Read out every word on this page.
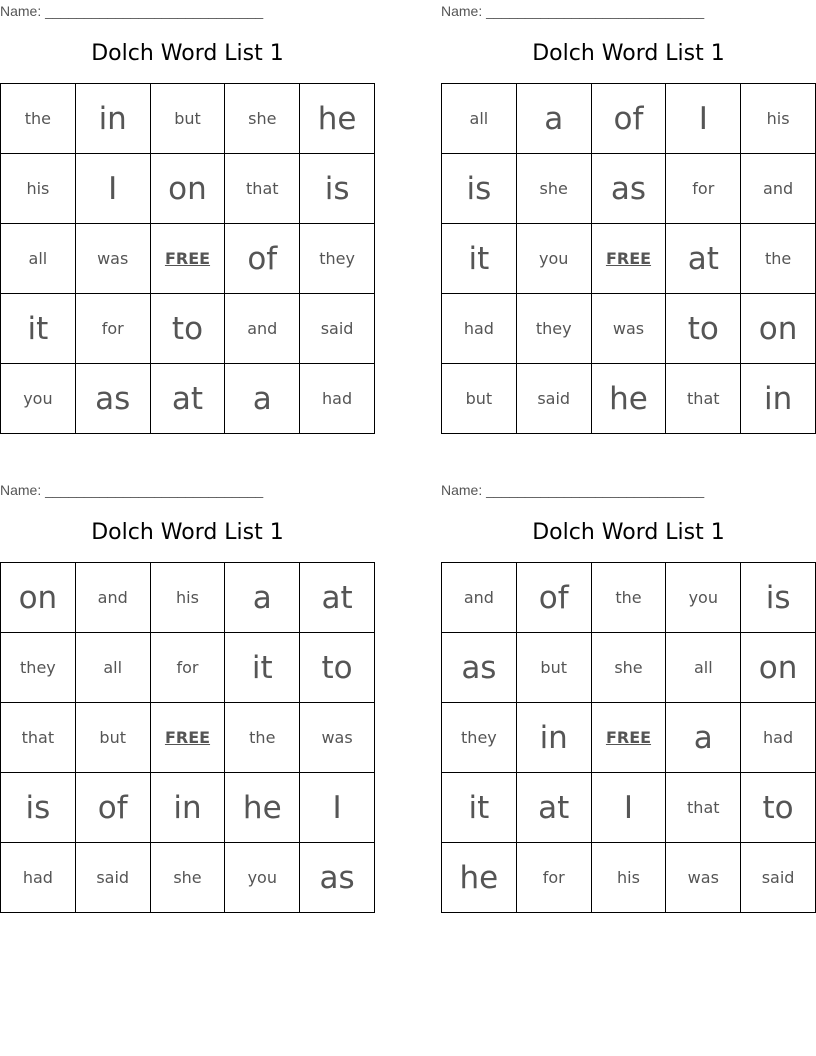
Name: ____________________________
Dolch Word List 1
the	in	but	she	he
his	I	on	that	is
all	was	FREE	of	they
it	for	to	and	said
you	as	at	a	had
Name: ____________________________
Dolch Word List 1
all	a	of	I	his
is	she	as	for	and
it	you	FREE	at	the
had	they	was	to	on
but	said	he	that	in
Name: ____________________________
Dolch Word List 1
on	and	his	a	at
they	all	for	it	to
that	but	FREE	the	was
is	of	in	he	I
had	said	she	you	as
Name: ____________________________
Dolch Word List 1
and	of	the	you	is
as	but	she	all	on
they	in	FREE	a	had
it	at	I	that	to
he	for	his	was	said
